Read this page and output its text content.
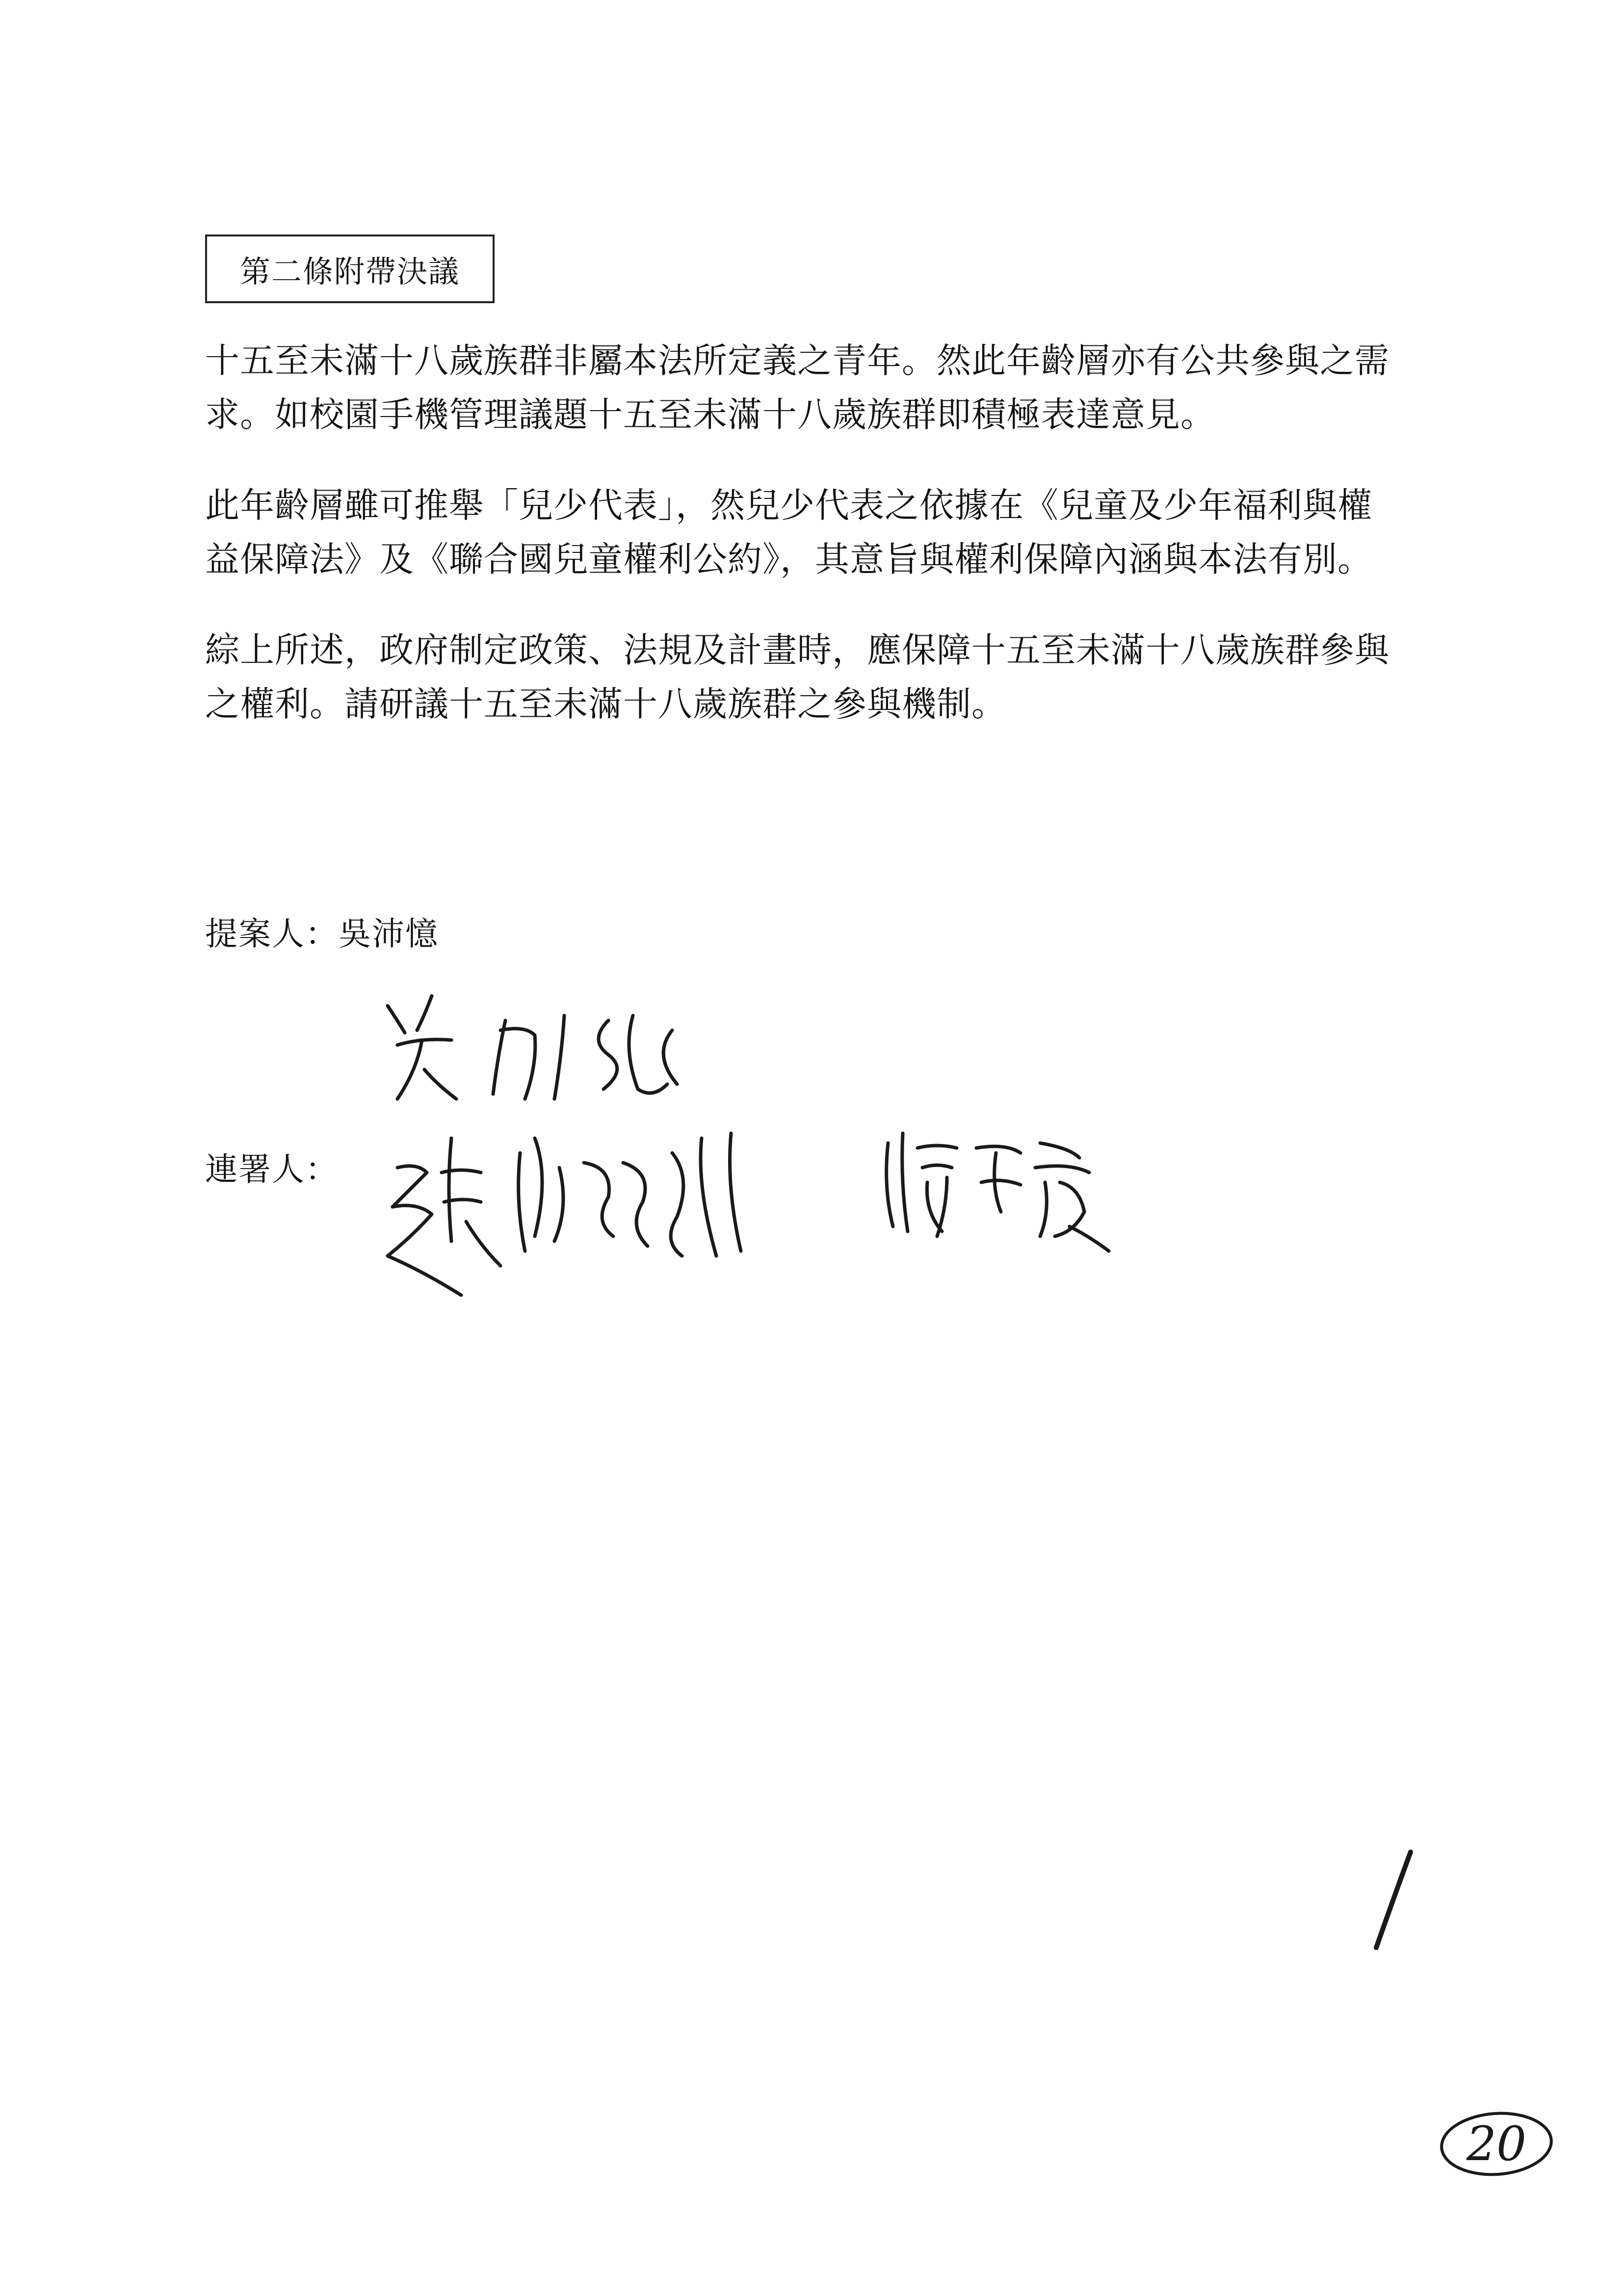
第二條附帶決議
十五至未滿十八歲族群非屬本法所定義之青年。然此年齡層亦有公共參與之需
求。如校園手機管理議題十五至未滿十八歲族群即積極表達意見。
此年齡層雖可推舉「兒少代表」，然兒少代表之依據在《兒童及少年福利與權
益保障法》及《聯合國兒童權利公約》，其意旨與權利保障內涵與本法有別。
綜上所述，政府制定政策、法規及計畫時，應保障十五至未滿十八歲族群參與
之權利。請研議十五至未滿十八歲族群之參與機制。
提案人：吳沛憶
連署人：
20
